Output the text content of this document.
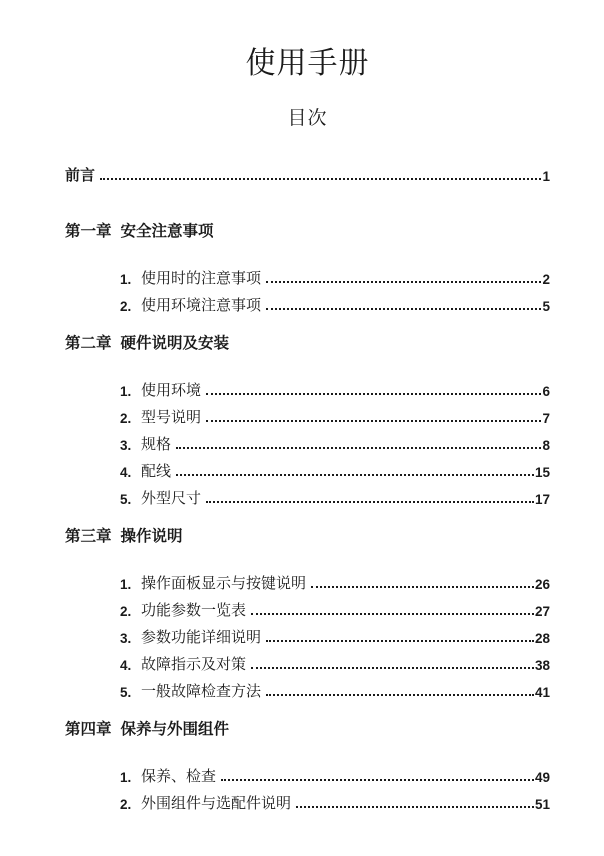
使用手册
目次
前言	1
第一章 安全注意事项
1. 使用时的注意事项	2
2. 使用环境注意事项	5
第二章 硬件说明及安装
1. 使用环境	6
2. 型号说明	7
3. 规格	8
4. 配线	15
5. 外型尺寸	17
第三章 操作说明
1. 操作面板显示与按键说明	26
2. 功能参数一览表	27
3. 参数功能详细说明	28
4. 故障指示及对策	38
5. 一般故障检查方法	41
第四章 保养与外围组件
1. 保养、检查	49
2. 外围组件与选配件说明	51
